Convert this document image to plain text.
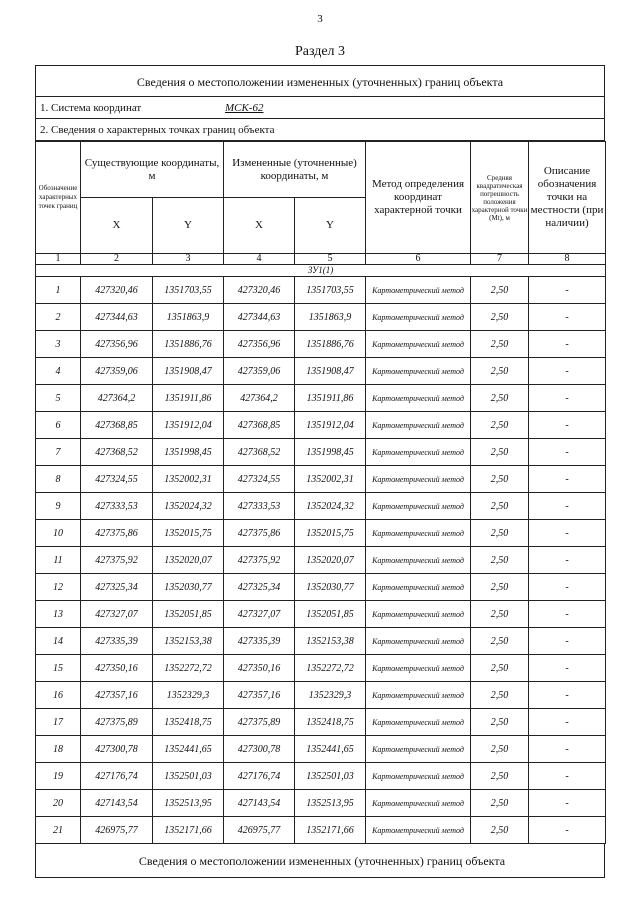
3
Раздел 3
Сведения о местоположении измененных (уточненных) границ объекта
1. Система координат	МСК-62
2. Сведения о характерных точках границ объекта
Обозначение характерных точек границ	Существующие координаты, м		Измененные (уточненные) координаты, м		Метод определения координат характерной точки	Средняя квадратическая погрешность положения характерной точки (Мt), м	Описание обозначения точки на местности (при наличии)
	X	Y	X	Y			
1	2	3	4	5	6	7	8
ЗУ1(1)							
1	427320,46	1351703,55	427320,46	1351703,55	Картометрический метод	2,50	-
2	427344,63	1351863,9	427344,63	1351863,9	Картометрический метод	2,50	-
3	427356,96	1351886,76	427356,96	1351886,76	Картометрический метод	2,50	-
4	427359,06	1351908,47	427359,06	1351908,47	Картометрический метод	2,50	-
5	427364,2	1351911,86	427364,2	1351911,86	Картометрический метод	2,50	-
6	427368,85	1351912,04	427368,85	1351912,04	Картометрический метод	2,50	-
7	427368,52	1351998,45	427368,52	1351998,45	Картометрический метод	2,50	-
8	427324,55	1352002,31	427324,55	1352002,31	Картометрический метод	2,50	-
9	427333,53	1352024,32	427333,53	1352024,32	Картометрический метод	2,50	-
10	427375,86	1352015,75	427375,86	1352015,75	Картометрический метод	2,50	-
11	427375,92	1352020,07	427375,92	1352020,07	Картометрический метод	2,50	-
12	427325,34	1352030,77	427325,34	1352030,77	Картометрический метод	2,50	-
13	427327,07	1352051,85	427327,07	1352051,85	Картометрический метод	2,50	-
14	427335,39	1352153,38	427335,39	1352153,38	Картометрический метод	2,50	-
15	427350,16	1352272,72	427350,16	1352272,72	Картометрический метод	2,50	-
16	427357,16	1352329,3	427357,16	1352329,3	Картометрический метод	2,50	-
17	427375,89	1352418,75	427375,89	1352418,75	Картометрический метод	2,50	-
18	427300,78	1352441,65	427300,78	1352441,65	Картометрический метод	2,50	-
19	427176,74	1352501,03	427176,74	1352501,03	Картометрический метод	2,50	-
20	427143,54	1352513,95	427143,54	1352513,95	Картометрический метод	2,50	-
21	426975,77	1352171,66	426975,77	1352171,66	Картометрический метод	2,50	-
Сведения о местоположении измененных (уточненных) границ объекта
